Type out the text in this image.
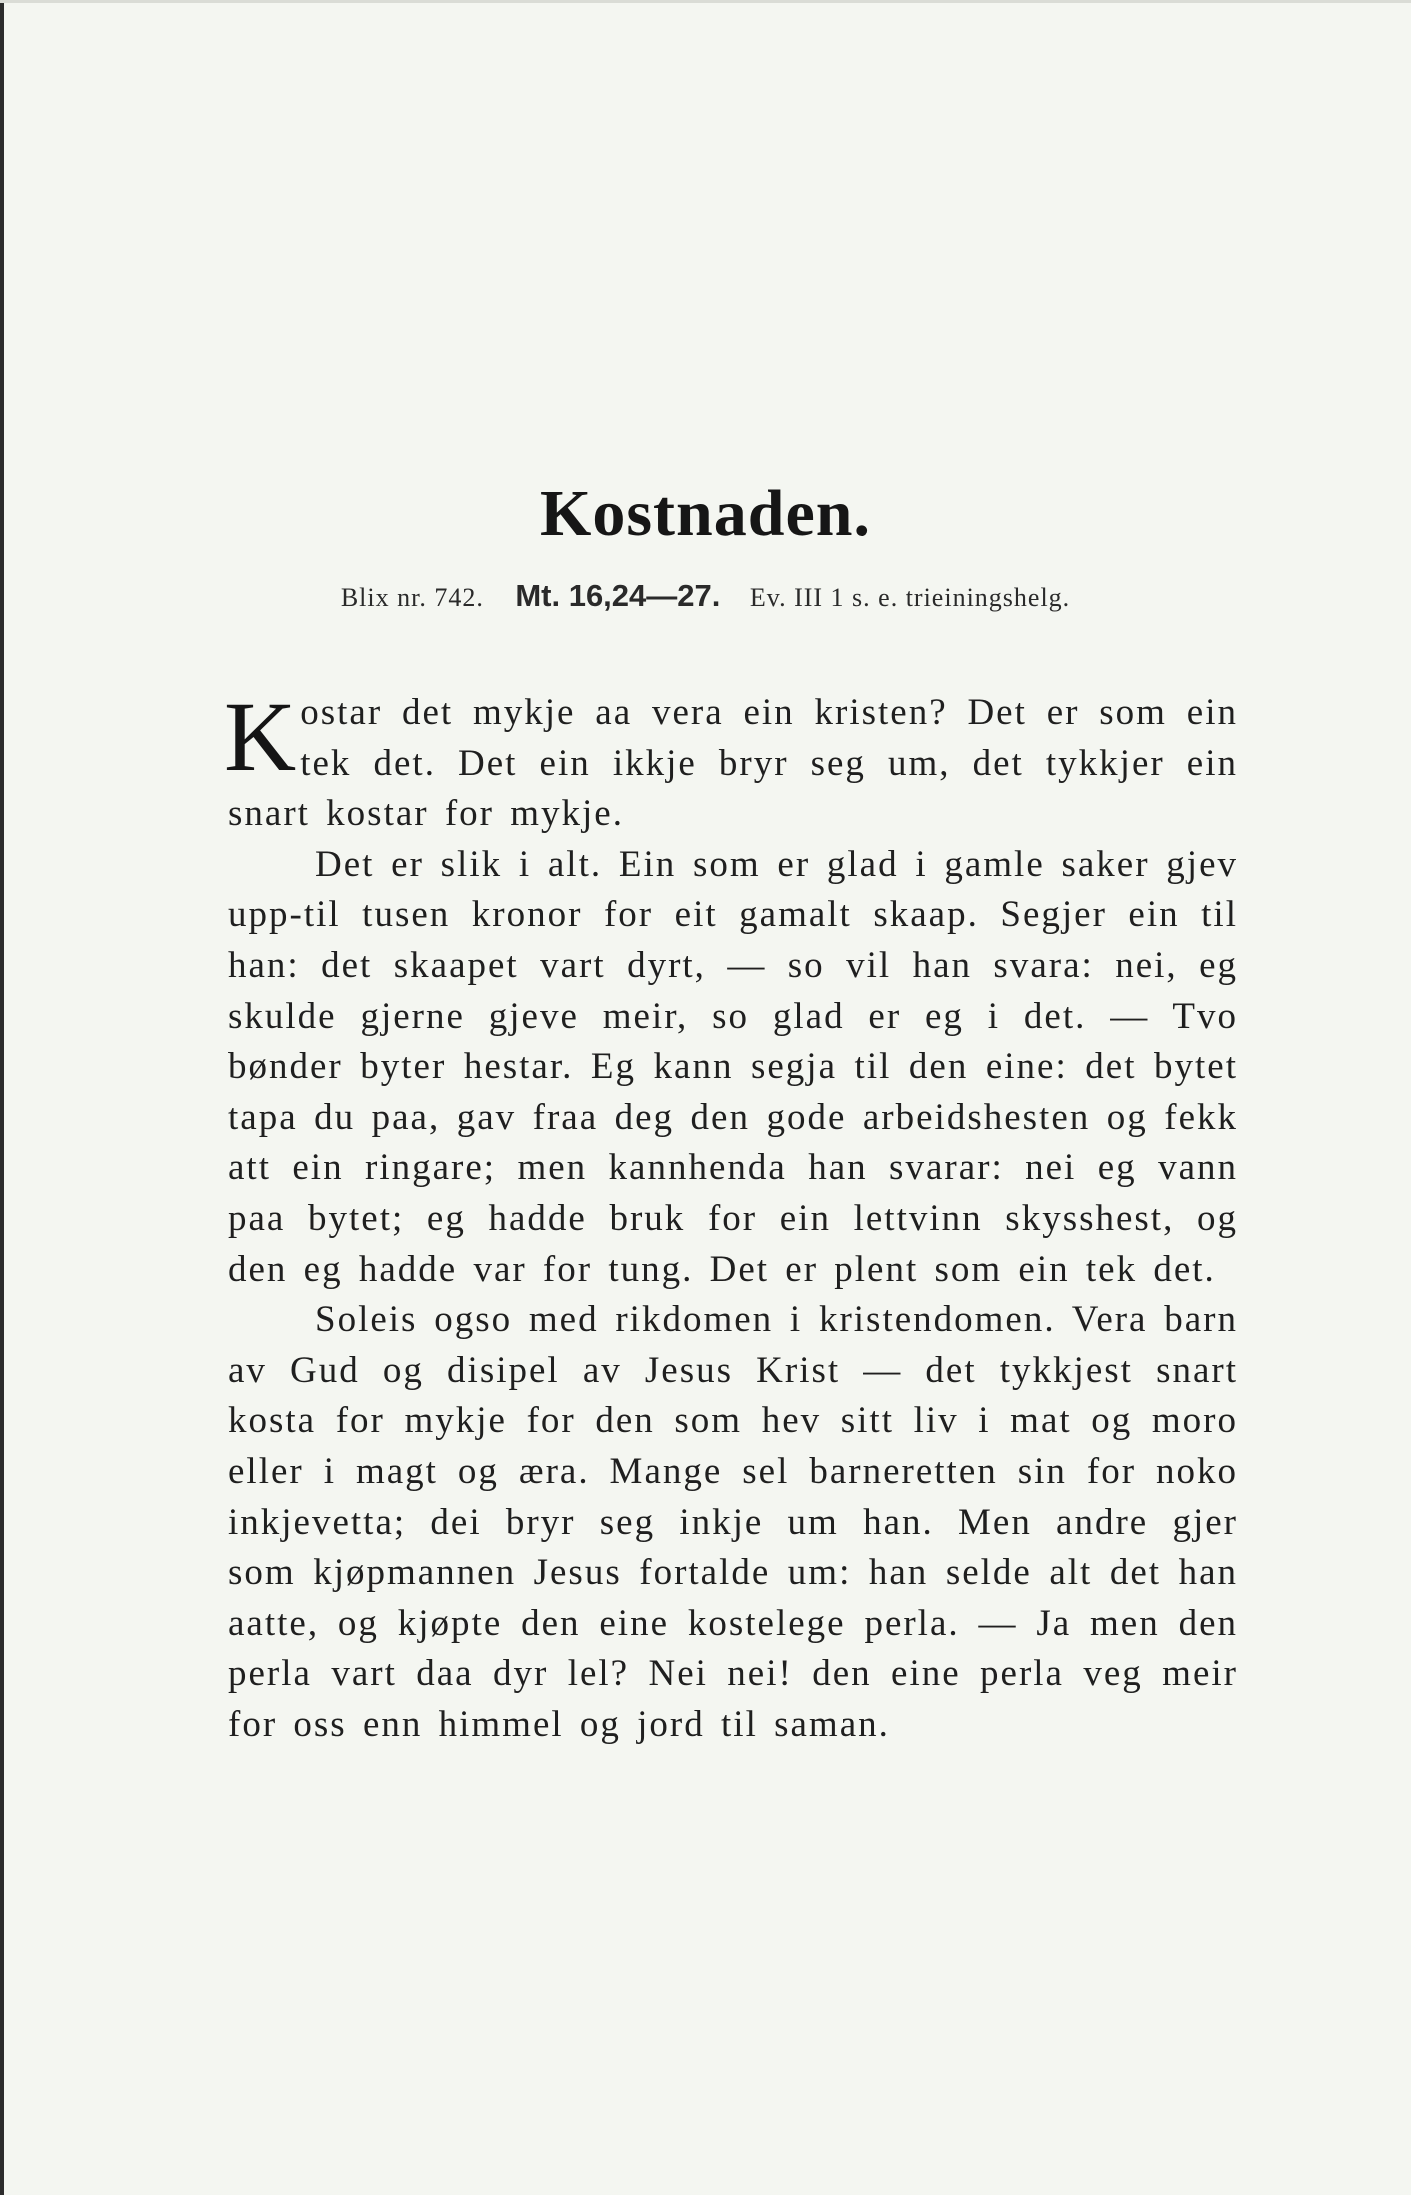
Kostnaden.
Blix nr. 742. Mt. 16,24—27. Ev. III 1 s. e. trieiningshelg.

Kostar det mykje aa vera ein kristen? Det er som ein tek det. Det ein ikkje bryr seg um, det tykkjer ein snart kostar for mykje.

Det er slik i alt. Ein som er glad i gamle saker gjev upp-til tusen kronor for eit gamalt skaap. Segjer ein til han: det skaapet vart dyrt, — so vil han svara: nei, eg skulde gjerne gjeve meir, so glad er eg i det. — Tvo bønder byter hestar. Eg kann segja til den eine: det bytet tapa du paa, gav fraa deg den gode arbeidshesten og fekk att ein ringare; men kannhenda han svarar: nei eg vann paa bytet; eg hadde bruk for ein lettvinn skysshest, og den eg hadde var for tung. Det er plent som ein tek det.

Soleis ogso med rikdomen i kristendomen. Vera barn av Gud og disipel av Jesus Krist — det tykkjest snart kosta for mykje for den som hev sitt liv i mat og moro eller i magt og æra. Mange sel barneretten sin for noko inkjevetta; dei bryr seg inkje um han. Men andre gjer som kjøpmannen Jesus fortalde um: han selde alt det han aatte, og kjøpte den eine kostelege perla. — Ja men den perla vart daa dyr lel? Nei nei! den eine perla veg meir for oss enn himmel og jord til saman.
